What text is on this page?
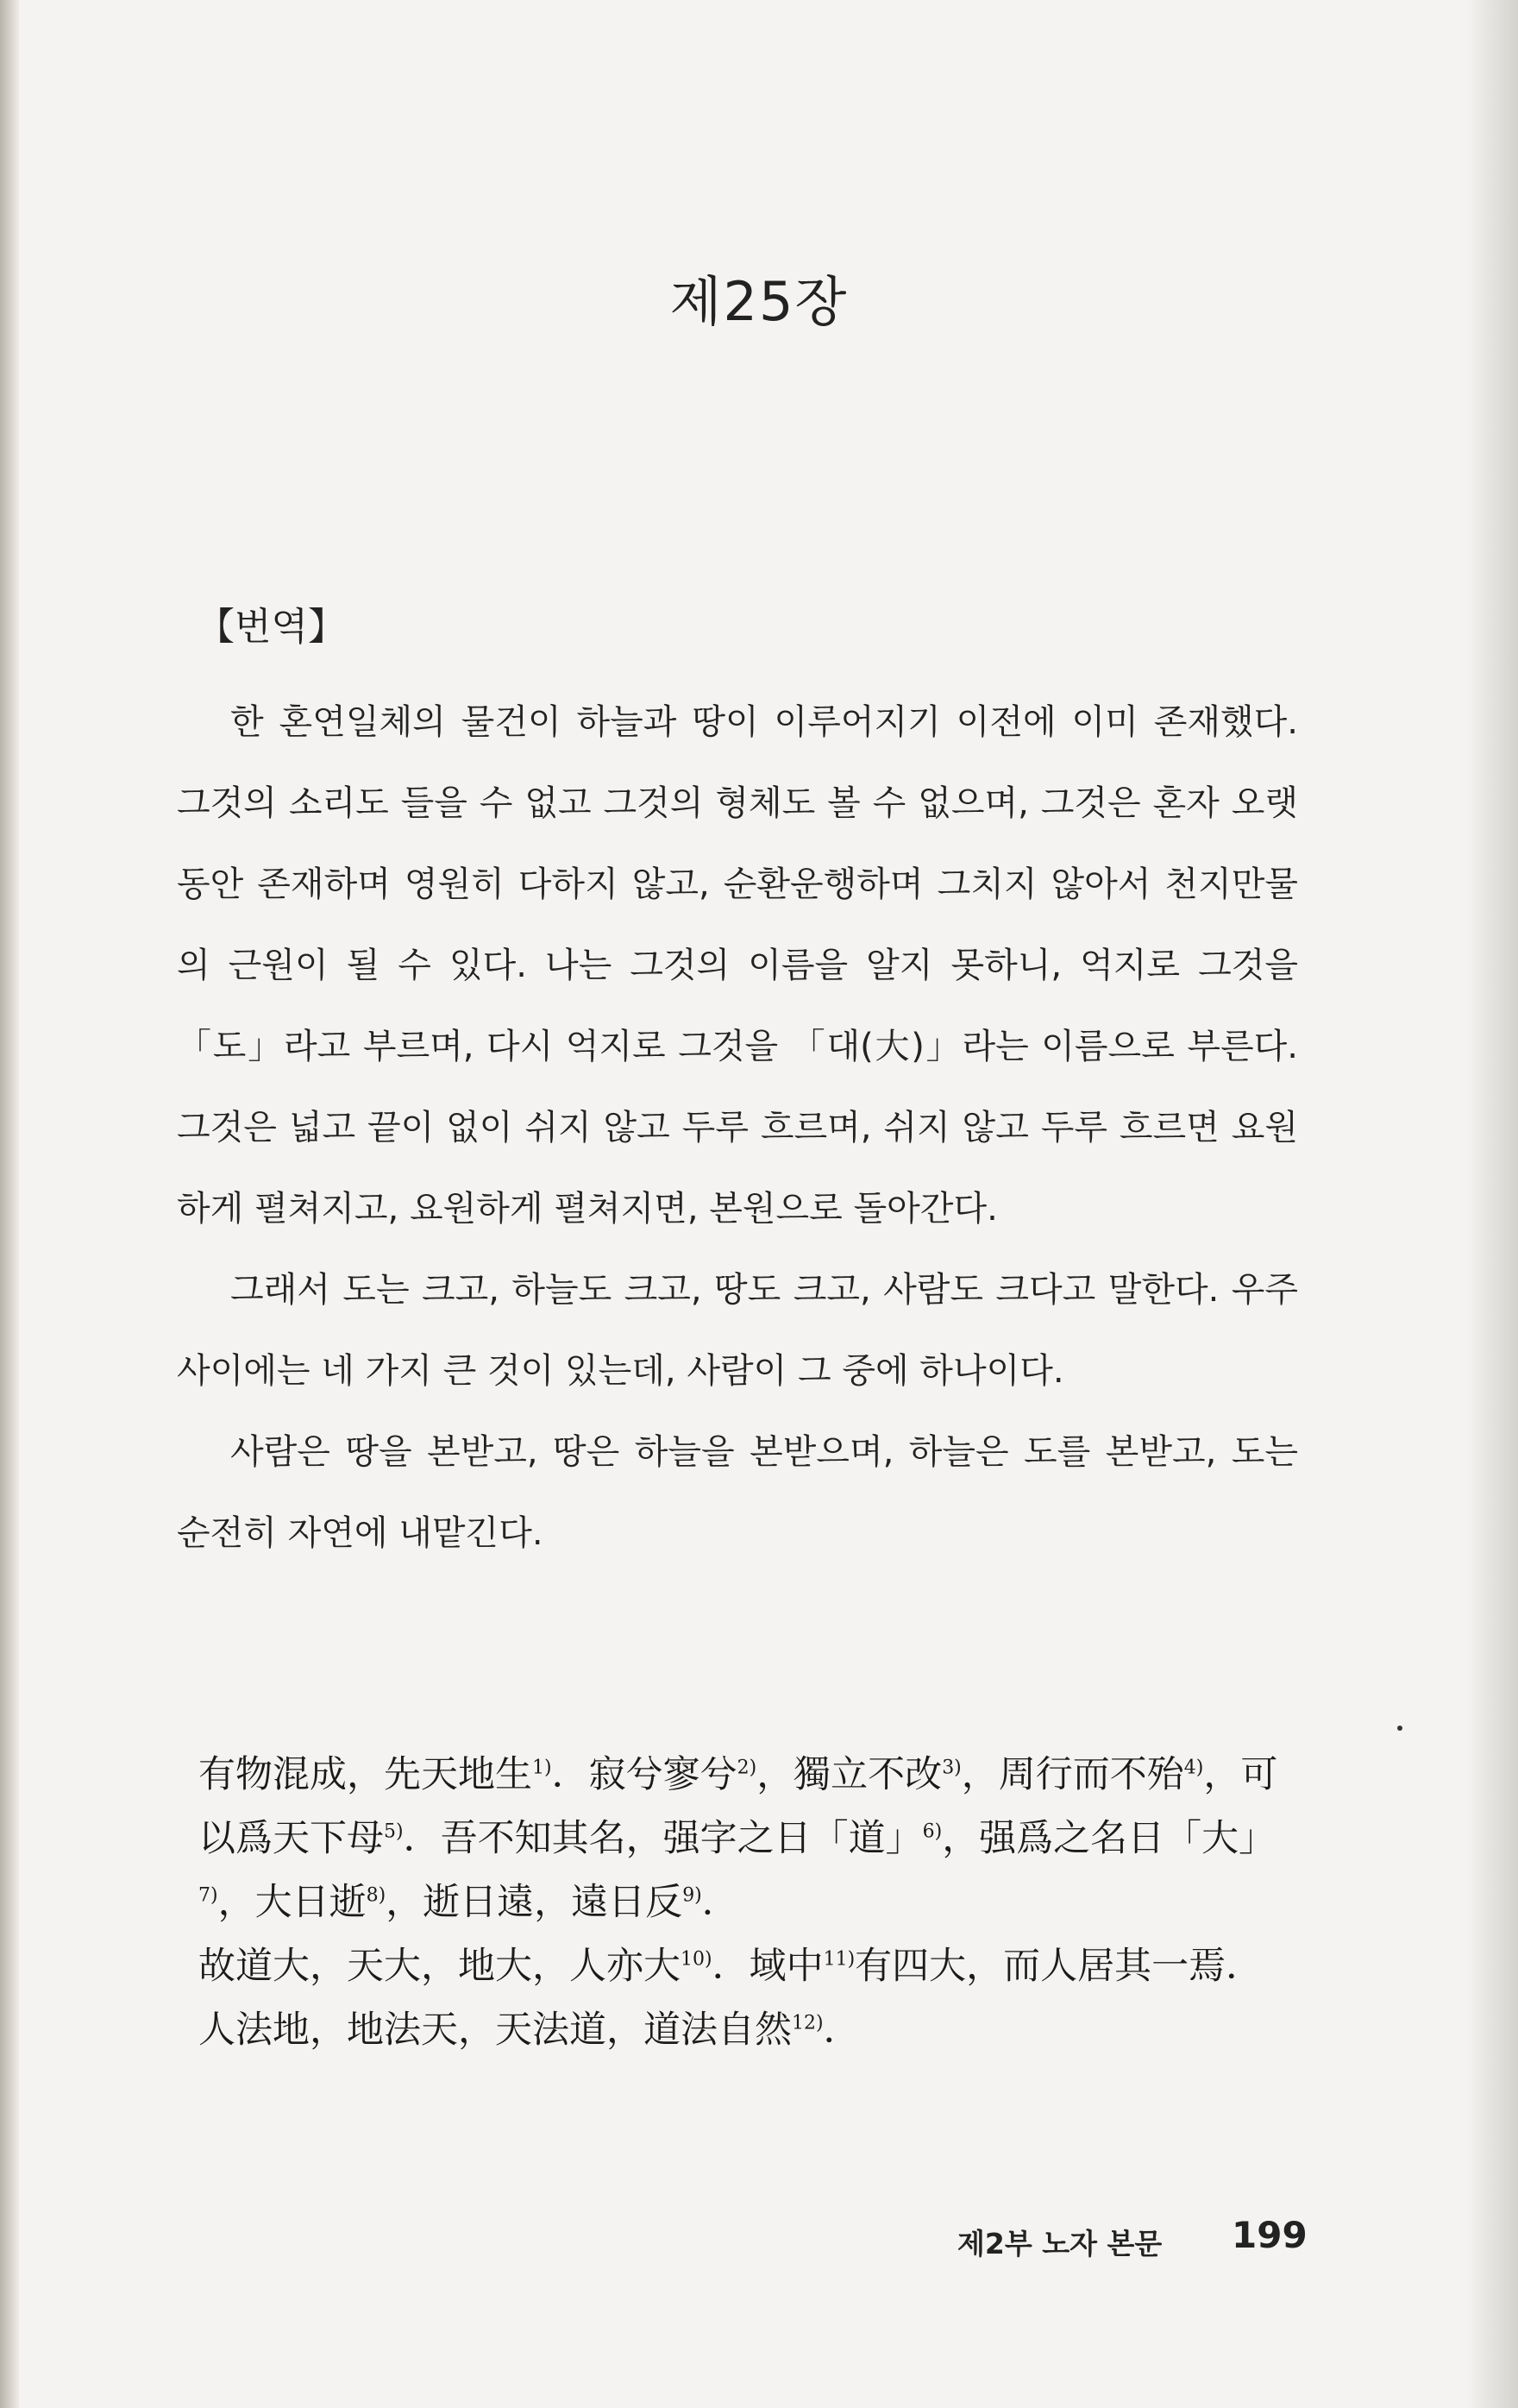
제25장
【번역】

한 혼연일체의 물건이 하늘과 땅이 이루어지기 이전에 이미 존재했다. 그것의 소리도 들을 수 없고 그것의 형체도 볼 수 없으며, 그것은 혼자 오랫동안 존재하며 영원히 다하지 않고, 순환운행하며 그치지 않아서 천지만물의 근원이 될 수 있다. 나는 그것의 이름을 알지 못하니, 억지로 그것을 「도」라고 부르며, 다시 억지로 그것을 「대(大)」라는 이름으로 부른다. 그것은 넓고 끝이 없이 쉬지 않고 두루 흐르며, 쉬지 않고 두루 흐르면 요원하게 펼쳐지고, 요원하게 펼쳐지면, 본원으로 돌아간다.

그래서 도는 크고, 하늘도 크고, 땅도 크고, 사람도 크다고 말한다. 우주 사이에는 네 가지 큰 것이 있는데, 사람이 그 중에 하나이다.

사람은 땅을 본받고, 땅은 하늘을 본받으며, 하늘은 도를 본받고, 도는 순전히 자연에 내맡긴다.

有物混成，先天地生$^{1)}$．寂兮寥兮$^{2)}$，獨立不改$^{3)}$，周行而不殆$^{4)}$，可以爲天下母$^{5)}$．吾不知其名，强字之日「道」$^{6)}$，强爲之名日「大」$^{7)}$，大日逝$^{8)}$，逝日遠，遠日反$^{9)}$．

故道大，天大，地大，人亦大$^{10)}$．域中$^{11)}$有四大，而人居其一焉．人法地，地法天，天法道，道法自然$^{12)}$．

제2부 노자 본문 199
